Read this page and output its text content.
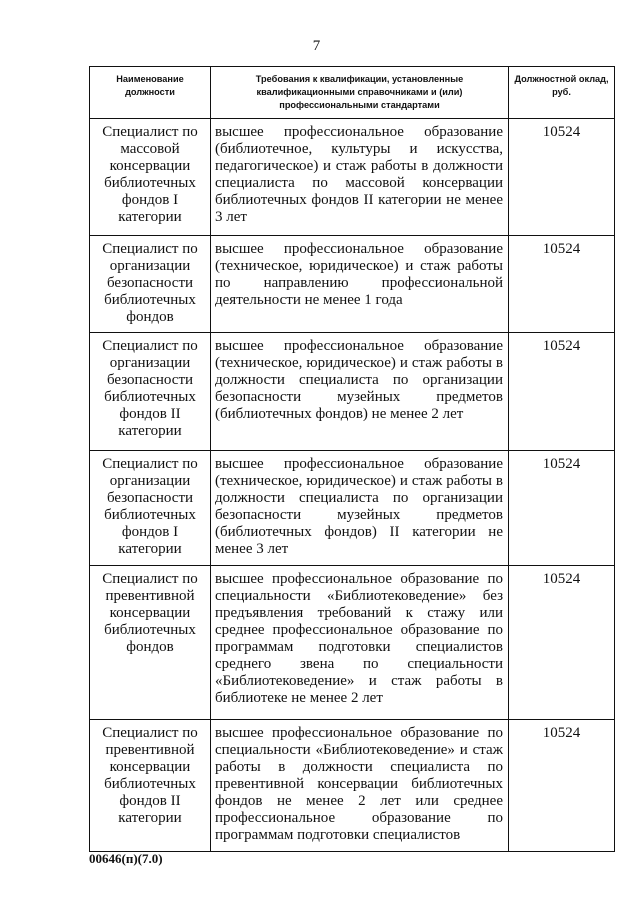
7
Наименование должности	Требования к квалификации, установленные квалификационными справочниками и (или) профессиональными стандартами	Должностной оклад, руб.
Специалист по массовой консервации библиотечных фондов I категории	высшее профессиональное образование (библиотечное, культуры и искусства, педагогическое) и стаж работы в должности специалиста по массовой консервации библиотечных фондов II категории не менее 3 лет	10524
Специалист по организации безопасности библиотечных фондов	высшее профессиональное образование (техническое, юридическое) и стаж работы по направлению профессиональной деятельности не менее 1 года	10524
Специалист по организации безопасности библиотечных фондов II категории	высшее профессиональное образование (техническое, юридическое) и стаж работы в должности специалиста по организации безопасности музейных предметов (библиотечных фондов) не менее 2 лет	10524
Специалист по организации безопасности библиотечных фондов I категории	высшее профессиональное образование (техническое, юридическое) и стаж работы в должности специалиста по организации безопасности музейных предметов (библиотечных фондов) II категории не менее 3 лет	10524
Специалист по превентивной консервации библиотечных фондов	высшее профессиональное образование по специальности «Библиотековедение» без предъявления требований к стажу или среднее профессиональное образование по программам подготовки специалистов среднего звена по специальности «Библиотековедение» и стаж работы в библиотеке не менее 2 лет	10524
Специалист по превентивной консервации библиотечных фондов II категории	высшее профессиональное образование по специальности «Библиотековедение» и стаж работы в должности специалиста по превентивной консервации библиотечных фондов не менее 2 лет или среднее профессиональное образование по программам подготовки специалистов	10524
00646(п)(7.0)
